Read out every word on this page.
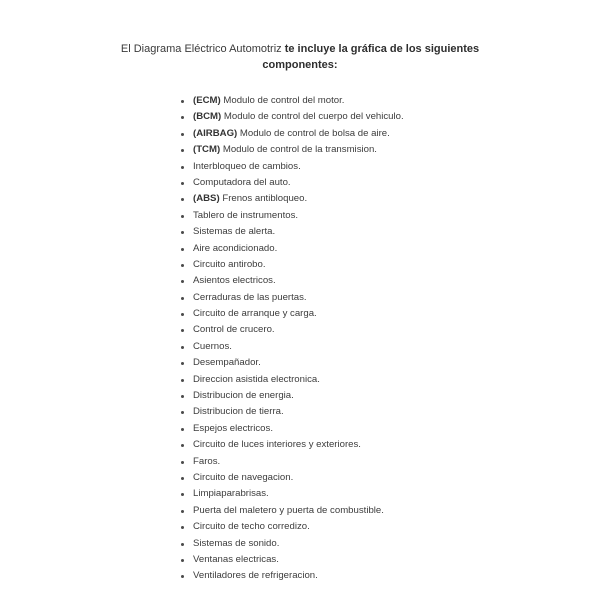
El Diagrama Eléctrico Automotriz te incluye la gráfica de los siguientes componentes:
(ECM) Modulo de control del motor.
(BCM) Modulo de control del cuerpo del vehiculo.
(AIRBAG) Modulo de control de bolsa de aire.
(TCM) Modulo de control de la transmision.
Interbloqueo de cambios.
Computadora del auto.
(ABS) Frenos antibloqueo.
Tablero de instrumentos.
Sistemas de alerta.
Aire acondicionado.
Circuito antirobo.
Asientos electricos.
Cerraduras de las puertas.
Circuito de arranque y carga.
Control de crucero.
Cuernos.
Desempañador.
Direccion asistida electronica.
Distribucion de energia.
Distribucion de tierra.
Espejos electricos.
Circuito de luces interiores y exteriores.
Faros.
Circuito de navegacion.
Limpiaparabrisas.
Puerta del maletero y puerta de combustible.
Circuito de techo corredizo.
Sistemas de sonido.
Ventanas electricas.
Ventiladores de refrigeracion.
